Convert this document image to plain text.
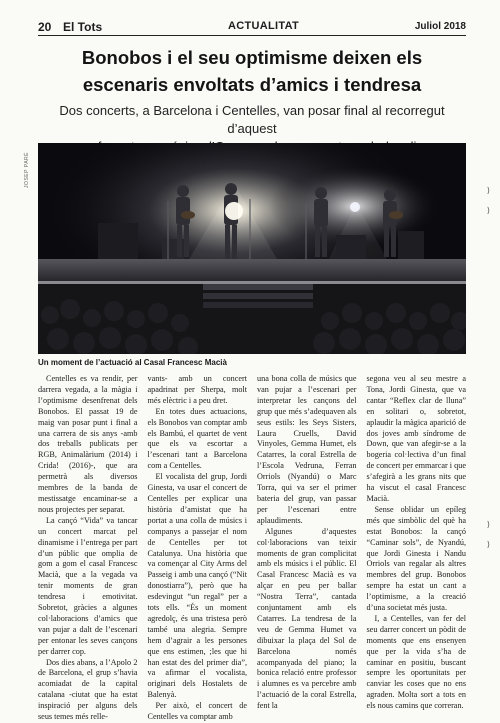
20 El Tots	ACTUALITAT	Juliol 2018
Bonobos i el seu optimisme deixen els
escenaris envoltats d’amics i tendresa
Dos concerts, a Barcelona i Centelles, van posar final al recorregut d’aquest
JOSEP PARÉ
Un moment de l’actuació al Casal Francesc Macià

Centelles es va rendir, per darrera vegada, a la màgia i l’optimisme desenfrenat dels Bonobos. El passat 19 de maig van posar punt i final a una carrera de sis anys -amb dos treballs publicats per RGB, Animalàrium (2014) i Crida! (2016)-, que ara permetrà als diversos membres de la banda de mestissatge encaminar-se a nous projectes per separat.

La cançó “Vida” va tancar un concert marcat pel dinamisme i l’entrega per part d’un públic que omplia de gom a gom el casal Francesc Macià, que a la vegada va tenir moments de gran tendresa i emotivitat. Sobretot, gràcies a algunes col·laboracions d’amics que van pujar a dalt de l’escenari per entonar les seves cançons per darrer cop.

Dos dies abans, a l’Apolo 2 de Barcelona, el grup s’havia acomiadat de la capital catalana -ciutat que ha estat inspiració per alguns dels seus temes més relle-

vants- amb un concert apadrinat per Sherpa, molt més elèctric i a peu dret.

En totes dues actuacions, els Bonobos van comptar amb els Bambú, el quartet de vent que els va escortar a l’escenari tant a Barcelona com a Centelles.

El vocalista del grup, Jordi Ginesta, va usar el concert de Centelles per explicar una història d’amistat que ha portat a una colla de músics i companys a passejar el nom de Centelles per tot Catalunya. Una història que va començar al City Arms del Passeig i amb una cançó (“Nit donostiarra”), però que ha esdevingut “un regal” per a tots ells. “És un moment agredolç, és una tristesa però també una alegria. Sempre hem d’agrair a les persones que ens estimen, ;les que hi han estat des del primer dia”, va afirmar el vocalista, originari dels Hostalets de Balenyà.

Per això, el concert de Centelles va comptar amb

una bona colla de músics que van pujar a l’escenari per interpretar les cançons del grup que més s’adequaven als seus estils: les Seys Sisters, Laura Cruells, David Vinyoles, Gemma Humet, els Catarres, la coral Estrella de l’Escola Vedruna, Ferran Orriols (Nyandú) o Marc Torra, qui va ser el primer bateria del grup, van passar per l’escenari entre aplaudiments.

Algunes d’aquestes col·laboracions van teixir moments de gran complicitat amb els músics i el públic. El Casal Francesc Macià es va alçar en peu per ballar “Nostra Terra”, cantada conjuntament amb els Catarres. La tendresa de la veu de Gemma Humet va dibuixar la plaça del Sol de Barcelona només acompanyada del piano; la bonica relació entre professor i alumnes es va percebre amb l’actuació de la coral Estrella, fent la

segona veu al seu mestre a Tona, Jordi Ginesta, que va cantar “Reflex clar de lluna” en solitari o, sobretot, aplaudir la màgica aparició de dos joves amb síndrome de Down, que van afegir-se a la bogeria col·lectiva d’un final de concert per emmarcar i que s’afegirà a les grans nits que ha viscut el casal Francesc Macià.

Sense oblidar un epíleg més que simbòlic del què ha estat Bonobos: la cançó “Caminar sols”, de Nyandú, que Jordi Ginesta i Nandu Orriols van regalar als altres membres del grup. Bonobos sempre ha estat un cant a l’optimisme, a la creació d’una societat més justa.

I, a Centelles, van fer del seu darrer concert un pòdit de moments que ens ensenyen que per la vida s’ha de caminar en positiu, buscant sempre les oportunitats per canviar les coses que no ens agraden. Molta sort a tots en els nous camins que correran.

⟩
⟩
⟩
⟩
